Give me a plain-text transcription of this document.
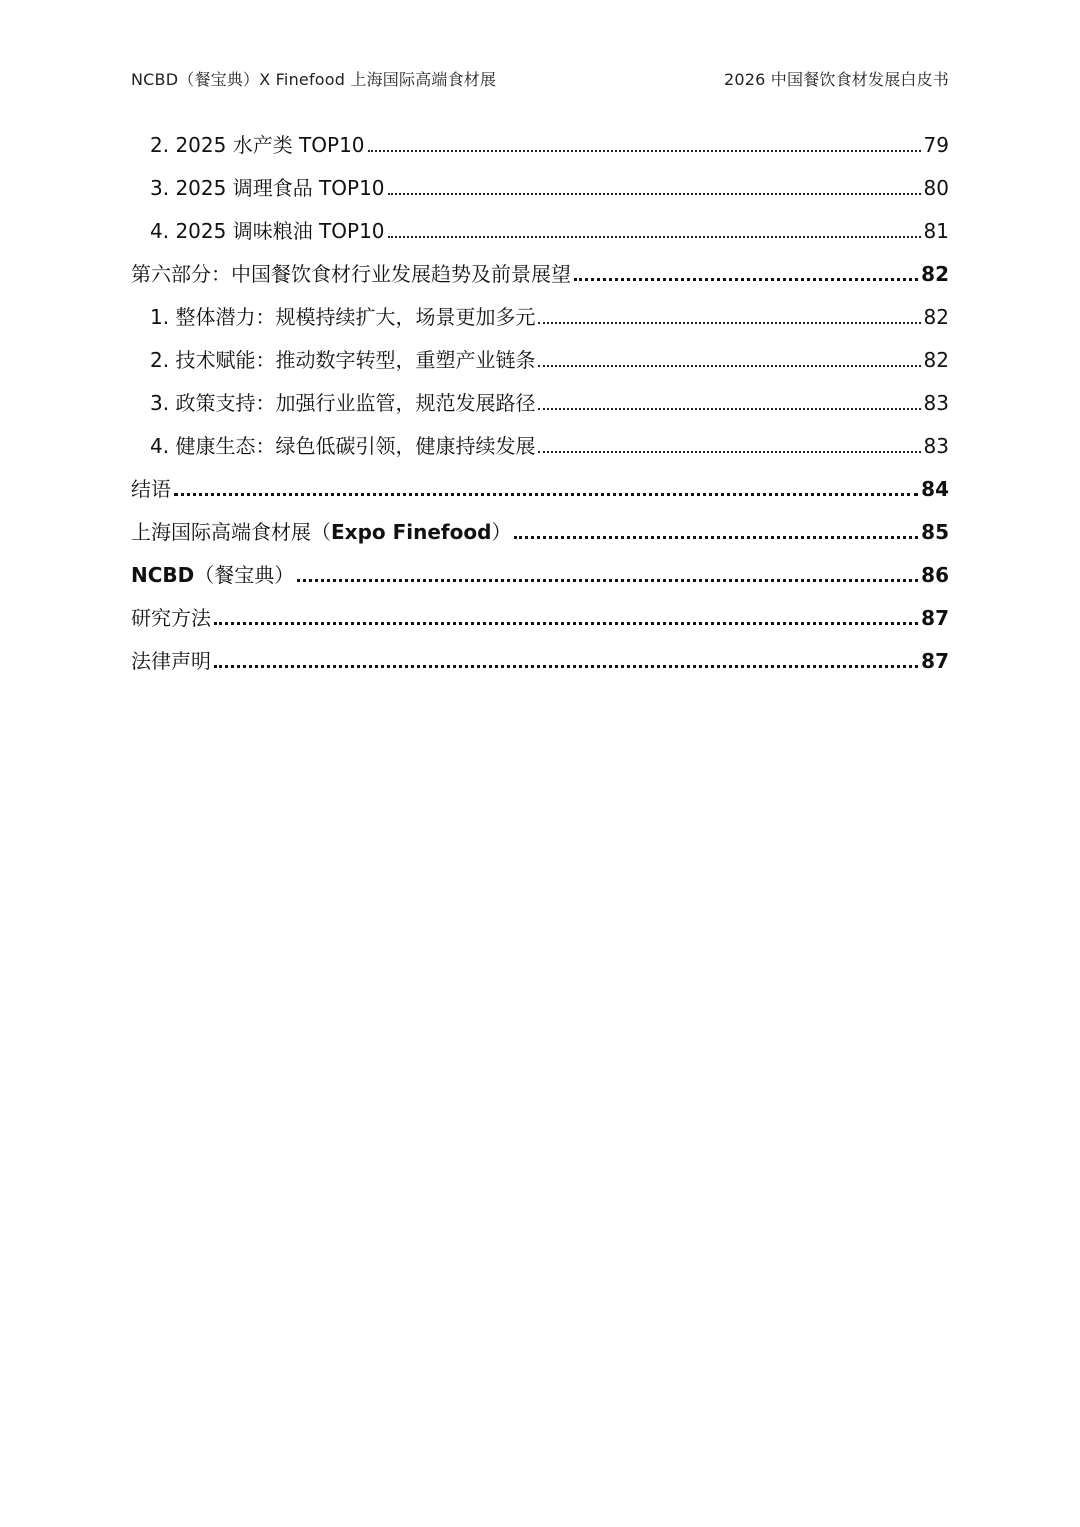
NCBD（餐宝典）X Finefood 上海国际高端食材展	2026 中国餐饮食材发展白皮书
2. 2025 水产类 TOP10	79
3. 2025 调理食品 TOP10	80
4. 2025 调味粮油 TOP10	81
第六部分：中国餐饮食材行业发展趋势及前景展望	82
1. 整体潜力：规模持续扩大，场景更加多元	82
2. 技术赋能：推动数字转型，重塑产业链条	82
3. 政策支持：加强行业监管，规范发展路径	83
4. 健康生态：绿色低碳引领，健康持续发展	83
结语	84
上海国际高端食材展（Expo Finefood）	85
NCBD（餐宝典）	86
研究方法	87
法律声明	87
